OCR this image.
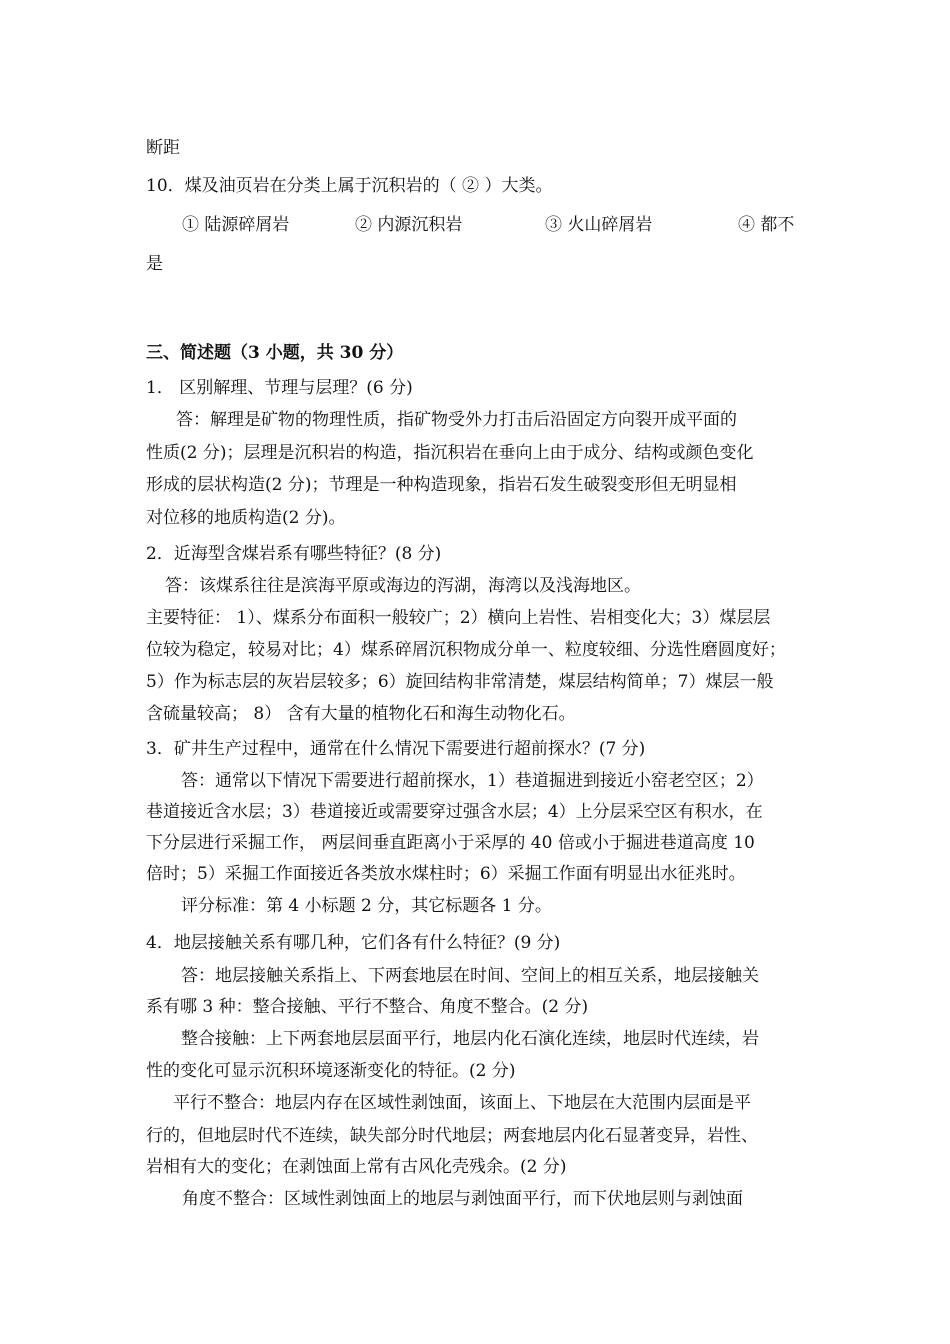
断距
10．煤及油页岩在分类上属于沉积岩的（ ② ）大类。
① 陆源碎屑岩	② 内源沉积岩	③ 火山碎屑岩	④ 都不
是
三、简述题（3 小题，共 30 分）
1． 区别解理、节理与层理？(6 分)
答：解理是矿物的物理性质，指矿物受外力打击后沿固定方向裂开成平面的
性质(2 分)；层理是沉积岩的构造，指沉积岩在垂向上由于成分、结构或颜色变化
形成的层状构造(2 分)；节理是一种构造现象，指岩石发生破裂变形但无明显相
对位移的地质构造(2 分)。
2．近海型含煤岩系有哪些特征？(8 分)
答：该煤系往往是滨海平原或海边的泻湖，海湾以及浅海地区。
主要特征： 1）、煤系分布面积一般较广；2）横向上岩性、岩相变化大；3）煤层层
位较为稳定，较易对比；4）煤系碎屑沉积物成分单一、粒度较细、分选性磨圆度好；
5）作为标志层的灰岩层较多；6）旋回结构非常清楚，煤层结构简单；7）煤层一般
含硫量较高； 8） 含有大量的植物化石和海生动物化石。
3．矿井生产过程中，通常在什么情况下需要进行超前探水？(7 分)
答：通常以下情况下需要进行超前探水，1）巷道掘进到接近小窑老空区；2）
巷道接近含水层；3）巷道接近或需要穿过强含水层；4）上分层采空区有积水，在
下分层进行采掘工作， 两层间垂直距离小于采厚的 40 倍或小于掘进巷道高度 10
倍时；5）采掘工作面接近各类放水煤柱时；6）采掘工作面有明显出水征兆时。
评分标准：第 4 小标题 2 分，其它标题各 1 分。
4．地层接触关系有哪几种，它们各有什么特征？(9 分)
答：地层接触关系指上、下两套地层在时间、空间上的相互关系，地层接触关
系有哪 3 种：整合接触、平行不整合、角度不整合。(2 分)
整合接触：上下两套地层层面平行，地层内化石演化连续，地层时代连续，岩
性的变化可显示沉积环境逐渐变化的特征。(2 分)
平行不整合：地层内存在区域性剥蚀面，该面上、下地层在大范围内层面是平
行的，但地层时代不连续，缺失部分时代地层；两套地层内化石显著变异，岩性、
岩相有大的变化；在剥蚀面上常有古风化壳残余。(2 分)
角度不整合：区域性剥蚀面上的地层与剥蚀面平行，而下伏地层则与剥蚀面
